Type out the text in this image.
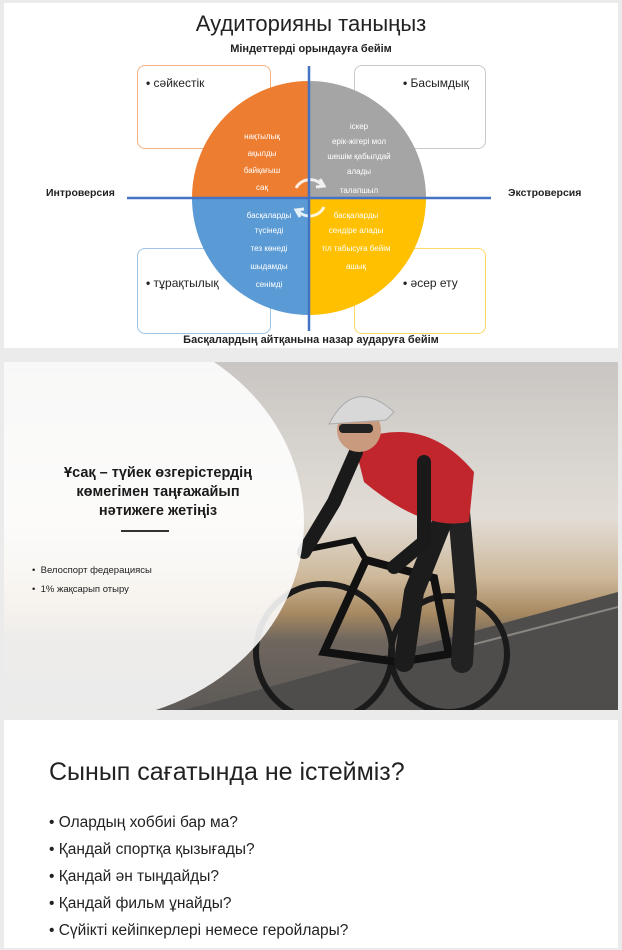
Аудиторияны таныңыз
Міндеттерді орындауға бейім
• сәйкестік	• Басымдық
• тұрақтылық	• әсер ету
нақтылық
ақылды
байқағыш
сақ
іскер
ерік-жігері мол
шешім қабылдай
алады
талапшыл
басқаларды
түсінеді
тез көнеді
шыдамды
сенімді
басқаларды
сендіре алады
тіл табысуға бейім
ашық
Интроверсия	Экстроверсия
Басқалардың айтқанына назар аударуға бейім
Ұсақ – түйек өзгерістердің
көмегімен таңғажайып
нәтижеге жетіңіз
•  Велоспорт федерациясы
•  1% жақсарып отыру
Сынып сағатында не істейміз?
• Олардың хоббиі бар ма?
• Қандай спортқа қызығады?
• Қандай ән тыңдайды?
• Қандай фильм ұнайды?
• Сүйікті кейіпкерлері немесе геройлары?
